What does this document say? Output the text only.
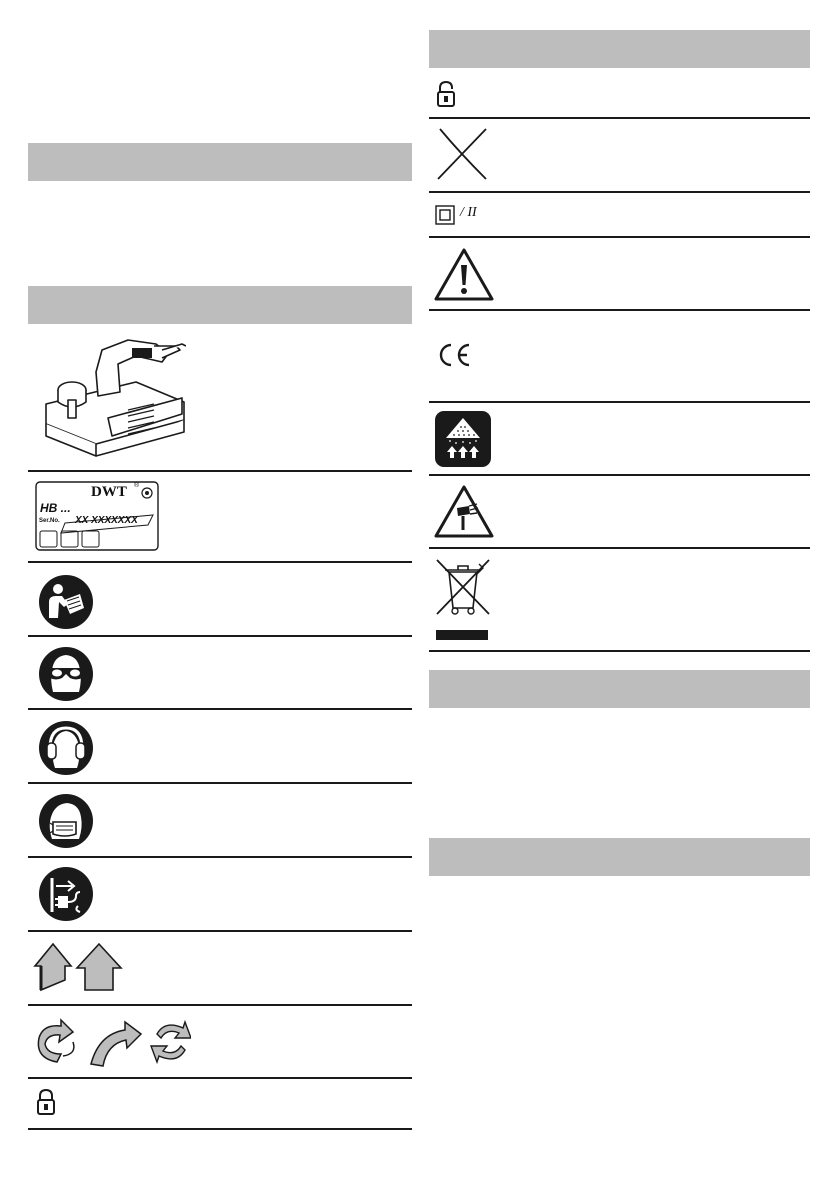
DWT ®
HB ...
Ser.No. XX XXXXXXX
/ II
